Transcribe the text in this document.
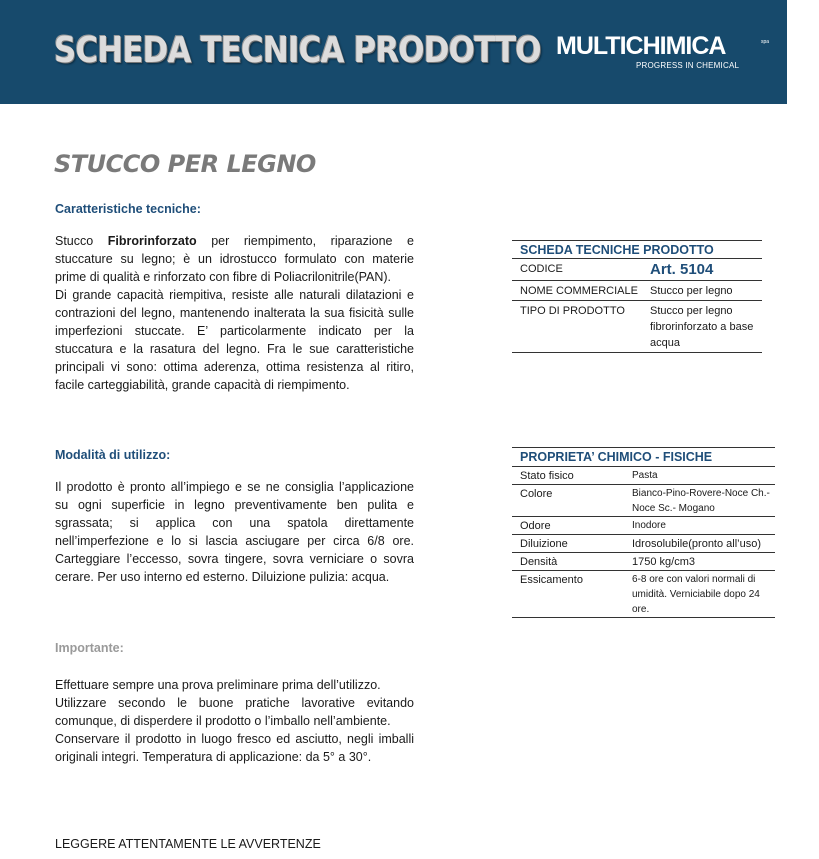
SCHEDA TECNICA PRODOTTO MULTICHIMICA	spa
PROGRESS IN CHEMICAL
STUCCO PER LEGNO
Caratteristiche tecniche:
Stucco Fibrorinforzato per riempimento, riparazione e stuccature su legno; è un idrostucco formulato con materie prime di qualità e rinforzato con fibre di Poliacrilonitrile(PAN).
Di grande capacità riempitiva, resiste alle naturali dilatazioni e contrazioni del legno, mantenendo inalterata la sua fisicità sulle imperfezioni stuccate. E’ particolarmente indicato per la stuccatura e la rasatura del legno. Fra le sue caratteristiche principali vi sono: ottima aderenza, ottima resistenza al ritiro, facile carteggiabilità, grande capacità di riempimento.
Modalità di utilizzo:
Il prodotto è pronto all’impiego e se ne consiglia l’applicazione su ogni superficie in legno preventivamente ben pulita e sgrassata; si applica con una spatola direttamente nell’imperfezione e lo si lascia asciugare per circa 6/8 ore. Carteggiare l’eccesso, sovra tingere, sovra verniciare o sovra cerare. Per uso interno ed esterno. Diluizione pulizia: acqua.
Importante:
Effettuare sempre una prova preliminare prima dell’utilizzo.
Utilizzare secondo le buone pratiche lavorative evitando comunque, di disperdere il prodotto o l’imballo nell’ambiente.
Conservare il prodotto in luogo fresco ed asciutto, negli imballi originali integri. Temperatura di applicazione: da 5° a 30°.
LEGGERE ATTENTAMENTE LE AVVERTENZE
SCHEDA TECNICHE PRODOTTO
CODICE	Art. 5104
NOME COMMERCIALE	Stucco per legno
TIPO DI PRODOTTO	Stucco per legno fibrorinforzato a base acqua
PROPRIETA’ CHIMICO - FISICHE
Stato fisico	Pasta
Colore	Bianco-Pino-Rovere-Noce Ch.-Noce Sc.- Mogano
Odore	Inodore
Diluizione	Idrosolubile(pronto all’uso)
Densità	1750 kg/cm3
Essicamento	6-8 ore con valori normali di umidità. Verniciabile dopo 24 ore.
